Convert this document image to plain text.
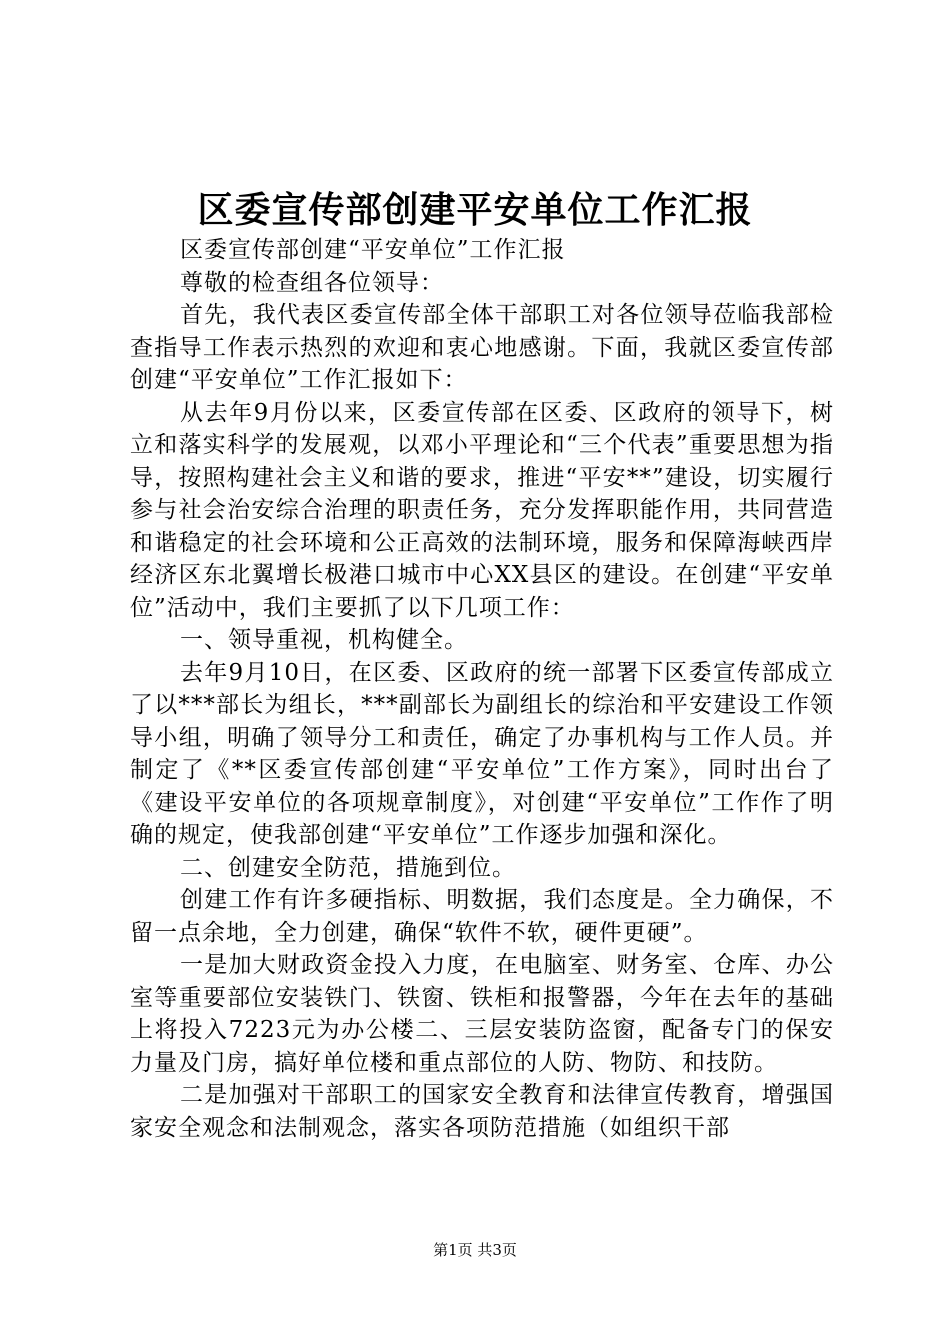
区委宣传部创建平安单位工作汇报

区委宣传部创建“平安单位”工作汇报

尊敬的检查组各位领导：

首先，我代表区委宣传部全体干部职工对各位领导莅临我部检查指导工作表示热烈的欢迎和衷心地感谢。下面，我就区委宣传部创建“平安单位”工作汇报如下：

从去年9月份以来，区委宣传部在区委、区政府的领导下，树立和落实科学的发展观，以邓小平理论和“三个代表”重要思想为指导，按照构建社会主义和谐的要求，推进“平安**”建设，切实履行参与社会治安综合治理的职责任务，充分发挥职能作用，共同营造和谐稳定的社会环境和公正高效的法制环境，服务和保障海峡西岸经济区东北翼增长极港口城市中心XX县区的建设。在创建“平安单位”活动中，我们主要抓了以下几项工作：

一、领导重视，机构健全。

去年9月10日，在区委、区政府的统一部署下区委宣传部成立了以***部长为组长，***副部长为副组长的综治和平安建设工作领导小组，明确了领导分工和责任，确定了办事机构与工作人员。并制定了《**区委宣传部创建“平安单位”工作方案》，同时出台了《建设平安单位的各项规章制度》，对创建“平安单位”工作作了明确的规定，使我部创建“平安单位”工作逐步加强和深化。

二、创建安全防范，措施到位。

创建工作有许多硬指标、明数据，我们态度是。全力确保，不留一点余地，全力创建，确保“软件不软，硬件更硬”。

一是加大财政资金投入力度，在电脑室、财务室、仓库、办公室等重要部位安装铁门、铁窗、铁柜和报警器，今年在去年的基础上将投入7223元为办公楼二、三层安装防盗窗，配备专门的保安力量及门房，搞好单位楼和重点部位的人防、物防、和技防。

二是加强对干部职工的国家安全教育和法律宣传教育，增强国家安全观念和法制观念，落实各项防范措施（如组织干部

第1页 共3页
